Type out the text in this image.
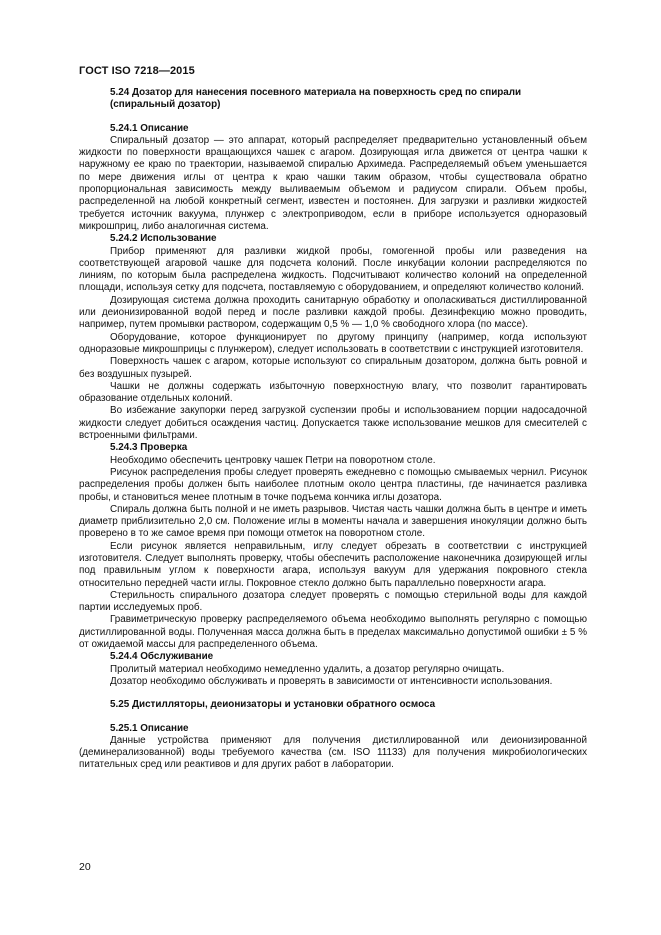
ГОСТ ISO 7218—2015
5.24 Дозатор для нанесения посевного материала на поверхность сред по спирали (спиральный дозатор)
5.24.1 Описание

Спиральный дозатор — это аппарат, который распределяет предварительно установленный объем жидкости по поверхности вращающихся чашек с агаром. Дозирующая игла движется от центра чашки к наружному ее краю по траектории, называемой спиралью Архимеда. Распределяемый объем уменьшается по мере движения иглы от центра к краю чашки таким образом, чтобы существовала обратно пропорциональная зависимость между выливаемым объемом и радиусом спирали. Объем пробы, распределенной на любой конкретный сегмент, известен и постоянен. Для загрузки и разливки жидкостей требуется источник вакуума, плунжер с электроприводом, если в приборе используется одноразовый микрошприц, либо аналогичная система.

5.24.2 Использование

Прибор применяют для разливки жидкой пробы, гомогенной пробы или разведения на соответствующей агаровой чашке для подсчета колоний. После инкубации колонии распределяются по линиям, по которым была распределена жидкость. Подсчитывают количество колоний на определенной площади, используя сетку для подсчета, поставляемую с оборудованием, и определяют количество колоний.

Дозирующая система должна проходить санитарную обработку и ополаскиваться дистиллированной или деионизированной водой перед и после разливки каждой пробы. Дезинфекцию можно проводить, например, путем промывки раствором, содержащим 0,5 % — 1,0 % свободного хлора (по массе).

Оборудование, которое функционирует по другому принципу (например, когда используют одноразовые микрошприцы с плунжером), следует использовать в соответствии с инструкцией изготовителя.

Поверхность чашек с агаром, которые используют со спиральным дозатором, должна быть ровной и без воздушных пузырей.

Чашки не должны содержать избыточную поверхностную влагу, что позволит гарантировать образование отдельных колоний.

Во избежание закупорки перед загрузкой суспензии пробы и использованием порции надосадочной жидкости следует добиться осаждения частиц. Допускается также использование мешков для смесителей с встроенными фильтрами.

5.24.3 Проверка

Необходимо обеспечить центровку чашек Петри на поворотном столе.

Рисунок распределения пробы следует проверять ежедневно с помощью смываемых чернил. Рисунок распределения пробы должен быть наиболее плотным около центра пластины, где начинается разливка пробы, и становиться менее плотным в точке подъема кончика иглы дозатора.

Спираль должна быть полной и не иметь разрывов. Чистая часть чашки должна быть в центре и иметь диаметр приблизительно 2,0 см. Положение иглы в моменты начала и завершения инокуляции должно быть проверено в то же самое время при помощи отметок на поворотном столе.

Если рисунок является неправильным, иглу следует обрезать в соответствии с инструкцией изготовителя. Следует выполнять проверку, чтобы обеспечить расположение наконечника дозирующей иглы под правильным углом к поверхности агара, используя вакуум для удержания покровного стекла относительно передней части иглы. Покровное стекло должно быть параллельно поверхности агара.

Стерильность спирального дозатора следует проверять с помощью стерильной воды для каждой партии исследуемых проб.

Гравиметрическую проверку распределяемого объема необходимо выполнять регулярно с помощью дистиллированной воды. Полученная масса должна быть в пределах максимально допустимой ошибки ± 5 % от ожидаемой массы для распределенного объема.

5.24.4 Обслуживание

Пролитый материал необходимо немедленно удалить, а дозатор регулярно очищать.

Дозатор необходимо обслуживать и проверять в зависимости от интенсивности использования.

5.25 Дистилляторы, деионизаторы и установки обратного осмоса
5.25.1 Описание

Данные устройства применяют для получения дистиллированной или деионизированной (деминерализованной) воды требуемого качества (см. ISO 11133) для получения микробиологических питательных сред или реактивов и для других работ в лаборатории.

20
